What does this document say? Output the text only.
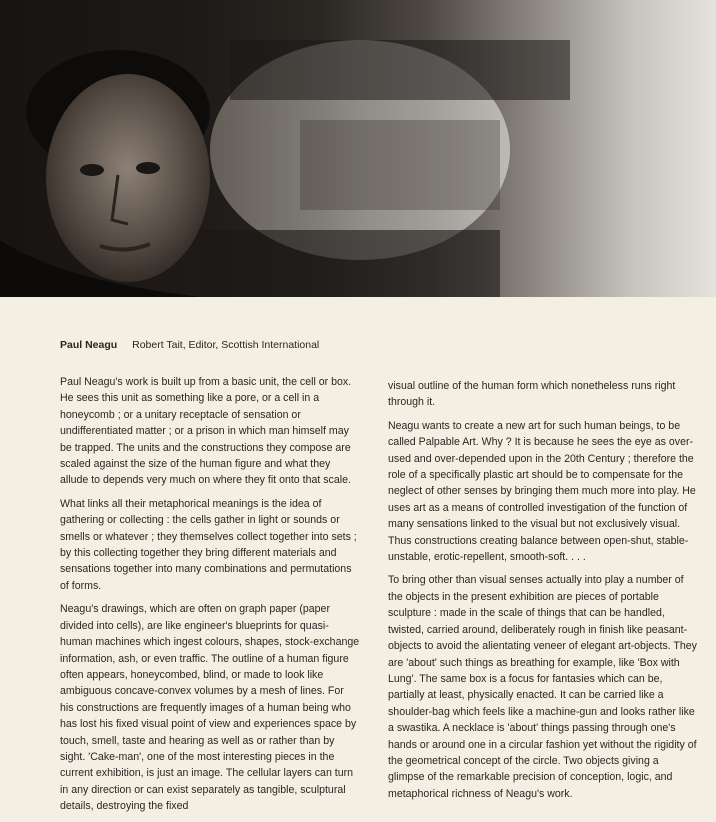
Paul Neagu Robert Tait, Editor, Scottish International

Paul Neagu's work is built up from a basic unit, the cell or box. He sees this unit as something like a pore, or a cell in a honeycomb ; or a unitary receptacle of sensation or undifferentiated matter ; or a prison in which man himself may be trapped. The units and the constructions they compose are scaled against the size of the human figure and what they allude to depends very much on where they fit onto that scale.

What links all their metaphorical meanings is the idea of gathering or collecting : the cells gather in light or sounds or smells or whatever ; they themselves collect together into sets ; by this collecting together they bring different materials and sensations together into many combinations and permutations of forms.

Neagu's drawings, which are often on graph paper (paper divided into cells), are like engineer's blueprints for quasi-human machines which ingest colours, shapes, stock-exchange information, ash, or even traffic. The outline of a human figure often appears, honeycombed, blind, or made to look like ambiguous concave-convex volumes by a mesh of lines. For his constructions are frequently images of a human being who has lost his fixed visual point of view and experiences space by touch, smell, taste and hearing as well as or rather than by sight. 'Cake-man', one of the most interesting pieces in the current exhibition, is just an image. The cellular layers can turn in any direction or can exist separately as tangible, sculptural details, destroying the fixed

visual outline of the human form which nonetheless runs right through it.

Neagu wants to create a new art for such human beings, to be called Palpable Art. Why ? It is because he sees the eye as over-used and over-depended upon in the 20th Century ; therefore the role of a specifically plastic art should be to compensate for the neglect of other senses by bringing them much more into play. He uses art as a means of controlled investigation of the function of many sensations linked to the visual but not exclusively visual. Thus constructions creating balance between open-shut, stable-unstable, erotic-repellent, smooth-soft. . . .

To bring other than visual senses actually into play a number of the objects in the present exhibition are pieces of portable sculpture : made in the scale of things that can be handled, twisted, carried around, deliberately rough in finish like peasant-objects to avoid the alientating veneer of elegant art-objects. They are 'about' such things as breathing for example, like 'Box with Lung'. The same box is a focus for fantasies which can be, partially at least, physically enacted. It can be carried like a shoulder-bag which feels like a machine-gun and looks rather like a swastika. A necklace is 'about' things passing through one's hands or around one in a circular fashion yet without the rigidity of the geometrical concept of the circle. Two objects giving a glimpse of the remarkable precision of conception, logic, and metaphorical richness of Neagu's work.
